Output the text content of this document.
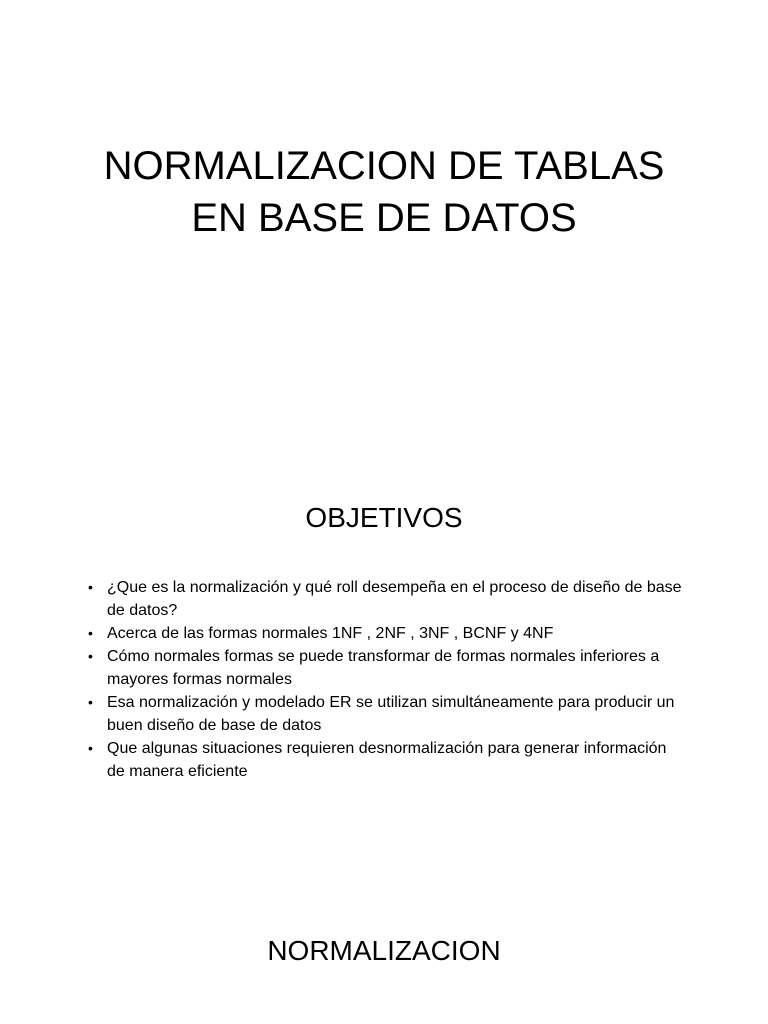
NORMALIZACION DE TABLAS
EN BASE DE DATOS
OBJETIVOS
• ¿Que es la normalización y qué roll desempeña en el proceso de diseño de base de datos?
• Acerca de las formas normales 1NF , 2NF , 3NF , BCNF y 4NF
• Cómo normales formas se puede transformar de formas normales inferiores a mayores formas normales
• Esa normalización y modelado ER se utilizan simultáneamente para producir un buen diseño de base de datos
• Que algunas situaciones requieren desnormalización para generar información de manera eficiente
NORMALIZACION
